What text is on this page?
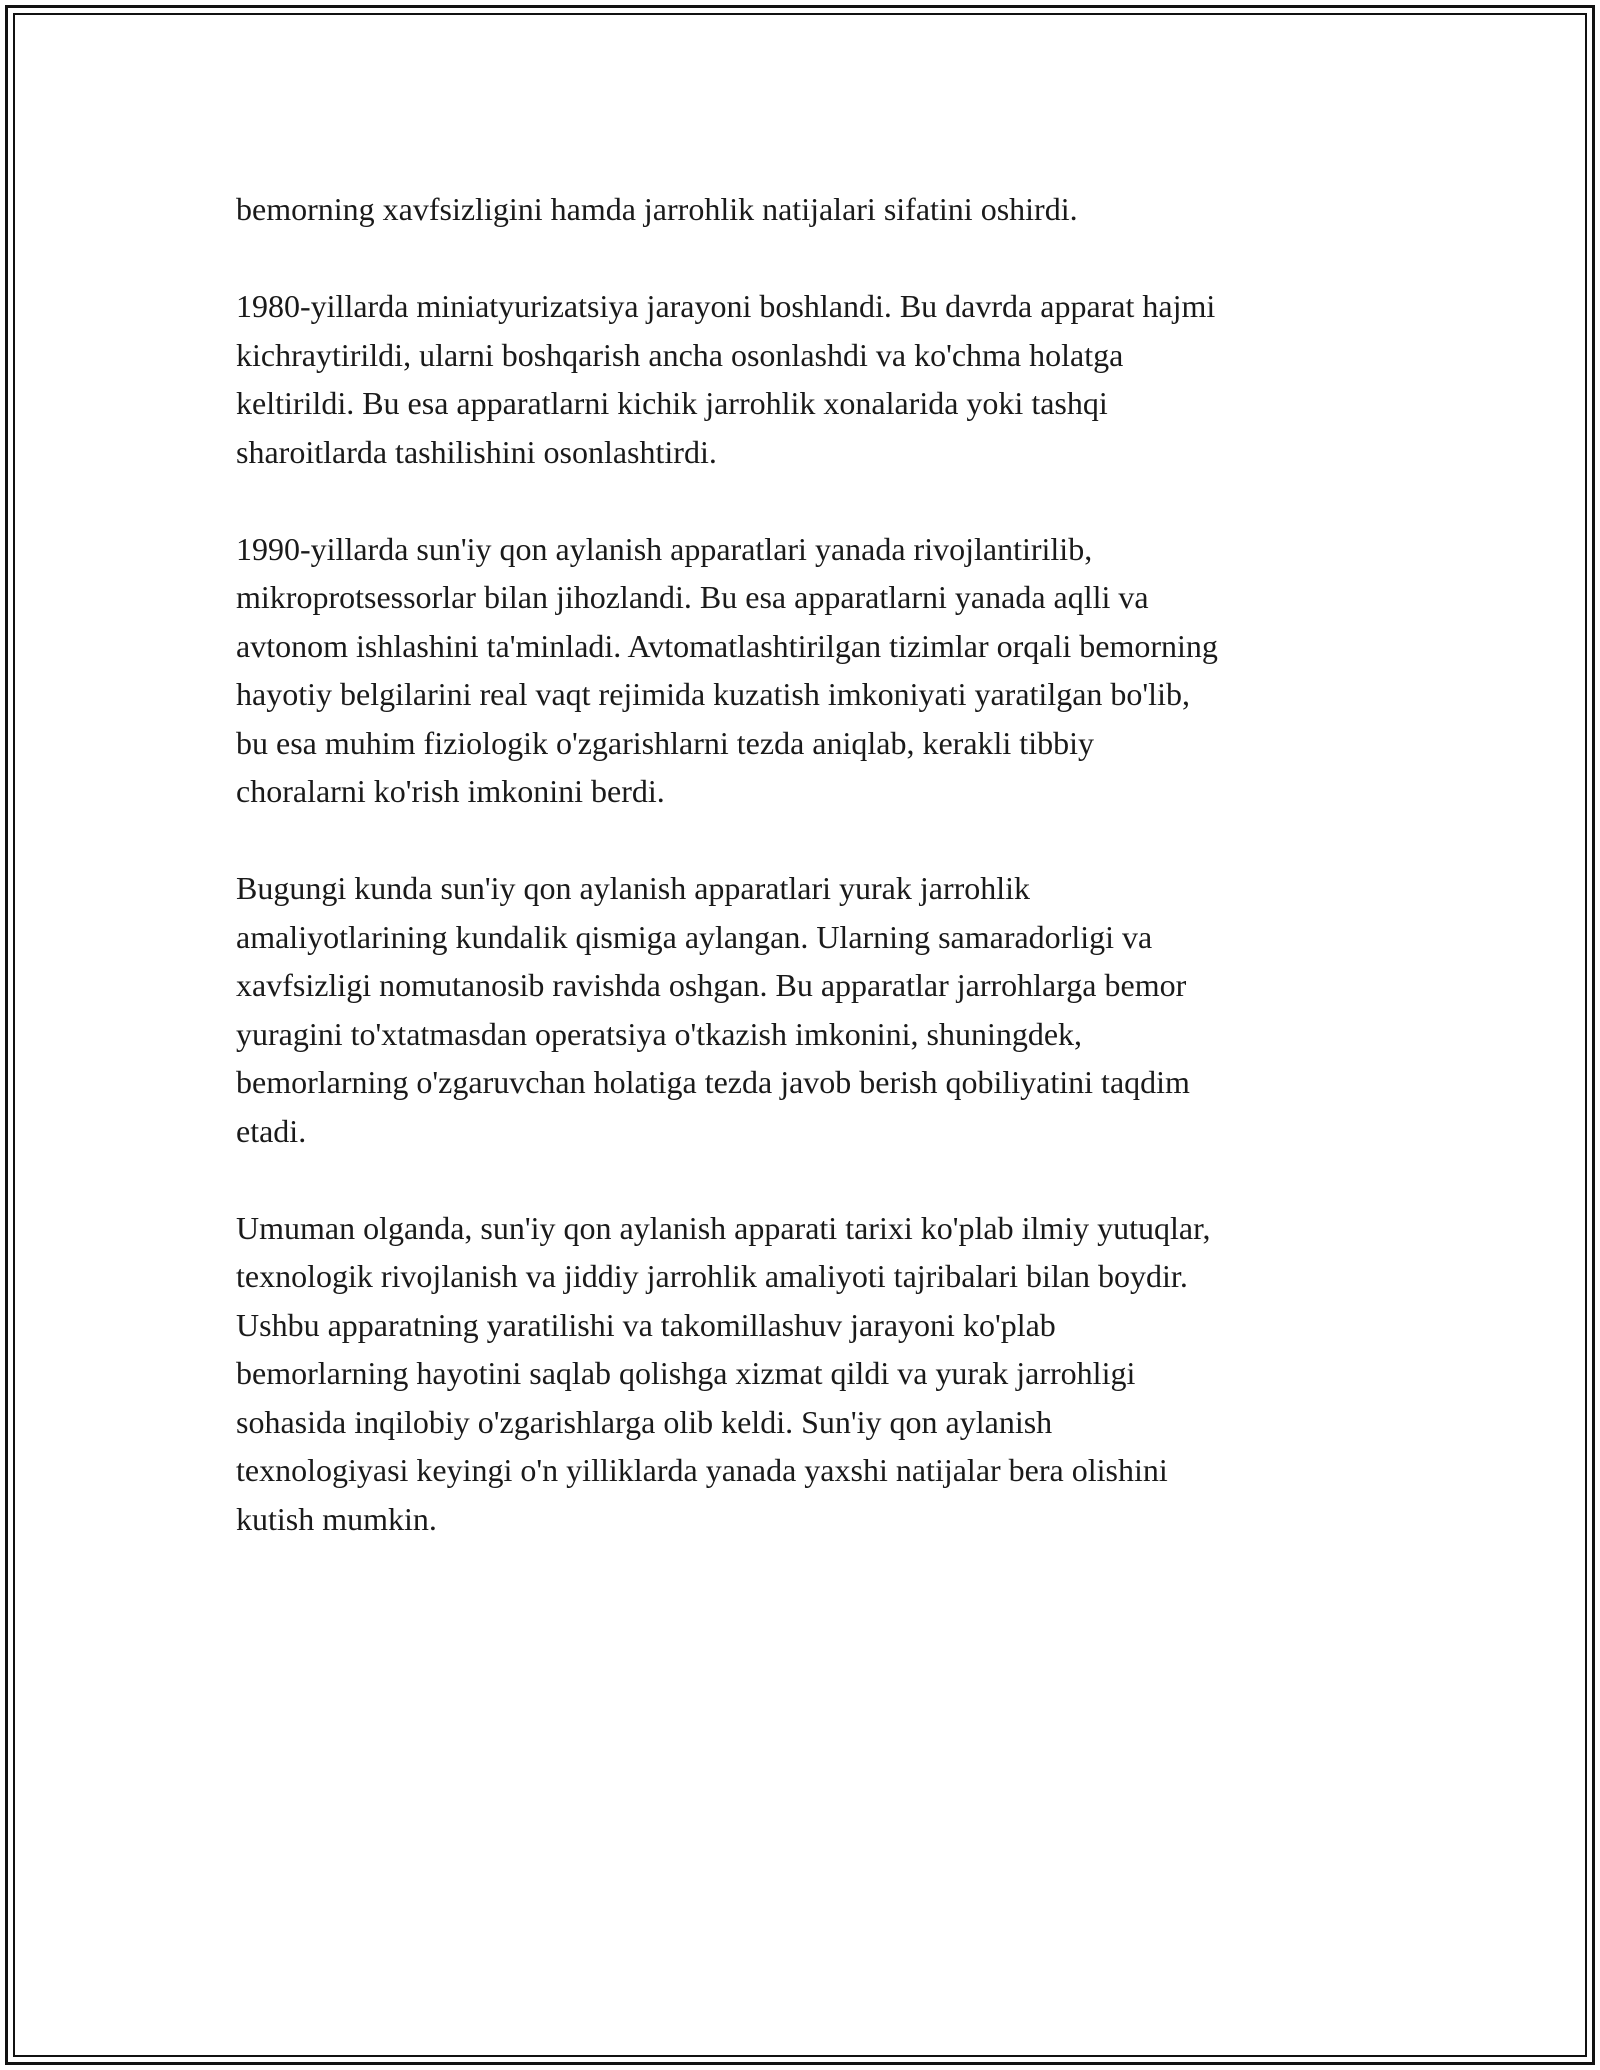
bemorning xavfsizligini hamda jarrohlik natijalari sifatini oshirdi.

1980-yillarda miniatyurizatsiya jarayoni boshlandi. Bu davrda apparat hajmi
kichraytirildi, ularni boshqarish ancha osonlashdi va ko'chma holatga
keltirildi. Bu esa apparatlarni kichik jarrohlik xonalarida yoki tashqi
sharoitlarda tashilishini osonlashtirdi.

1990-yillarda sun'iy qon aylanish apparatlari yanada rivojlantirilib,
mikroprotsessorlar bilan jihozlandi. Bu esa apparatlarni yanada aqlli va
avtonom ishlashini ta'minladi. Avtomatlashtirilgan tizimlar orqali bemorning
hayotiy belgilarini real vaqt rejimida kuzatish imkoniyati yaratilgan bo'lib,
bu esa muhim fiziologik o'zgarishlarni tezda aniqlab, kerakli tibbiy
choralarni ko'rish imkonini berdi.

Bugungi kunda sun'iy qon aylanish apparatlari yurak jarrohlik
amaliyotlarining kundalik qismiga aylangan. Ularning samaradorligi va
xavfsizligi nomutanosib ravishda oshgan. Bu apparatlar jarrohlarga bemor
yuragini to'xtatmasdan operatsiya o'tkazish imkonini, shuningdek,
bemorlarning o'zgaruvchan holatiga tezda javob berish qobiliyatini taqdim
etadi.

Umuman olganda, sun'iy qon aylanish apparati tarixi ko'plab ilmiy yutuqlar,
texnologik rivojlanish va jiddiy jarrohlik amaliyoti tajribalari bilan boydir.
Ushbu apparatning yaratilishi va takomillashuv jarayoni ko'plab
bemorlarning hayotini saqlab qolishga xizmat qildi va yurak jarrohligi
sohasida inqilobiy o'zgarishlarga olib keldi. Sun'iy qon aylanish
texnologiyasi keyingi o'n yilliklarda yanada yaxshi natijalar bera olishini
kutish mumkin.
